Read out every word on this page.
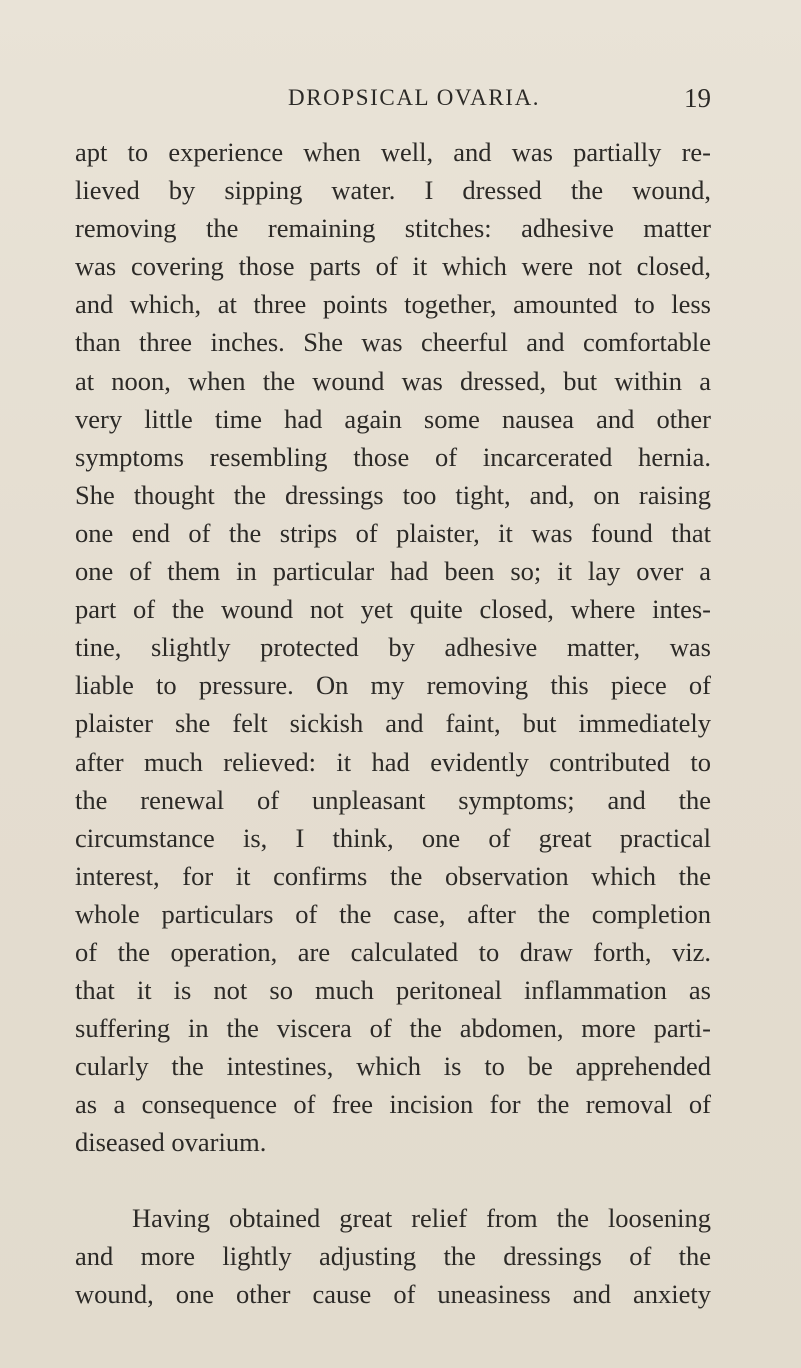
DROPSICAL OVARIA.	19
apt to experience when well, and was partially re-
lieved by sipping water. I dressed the wound,
removing the remaining stitches: adhesive matter
was covering those parts of it which were not closed,
and which, at three points together, amounted to less
than three inches. She was cheerful and comfortable
at noon, when the wound was dressed, but within a
very little time had again some nausea and other
symptoms resembling those of incarcerated hernia.
She thought the dressings too tight, and, on raising
one end of the strips of plaister, it was found that
one of them in particular had been so; it lay over a
part of the wound not yet quite closed, where intes-
tine, slightly protected by adhesive matter, was
liable to pressure. On my removing this piece of
plaister she felt sickish and faint, but immediately
after much relieved: it had evidently contributed to
the renewal of unpleasant symptoms; and the
circumstance is, I think, one of great practical
interest, for it confirms the observation which the
whole particulars of the case, after the completion
of the operation, are calculated to draw forth, viz.
that it is not so much peritoneal inflammation as
suffering in the viscera of the abdomen, more parti-
cularly the intestines, which is to be apprehended
as a consequence of free incision for the removal of
diseased ovarium.
Having obtained great relief from the loosening
and more lightly adjusting the dressings of the
wound, one other cause of uneasiness and anxiety
